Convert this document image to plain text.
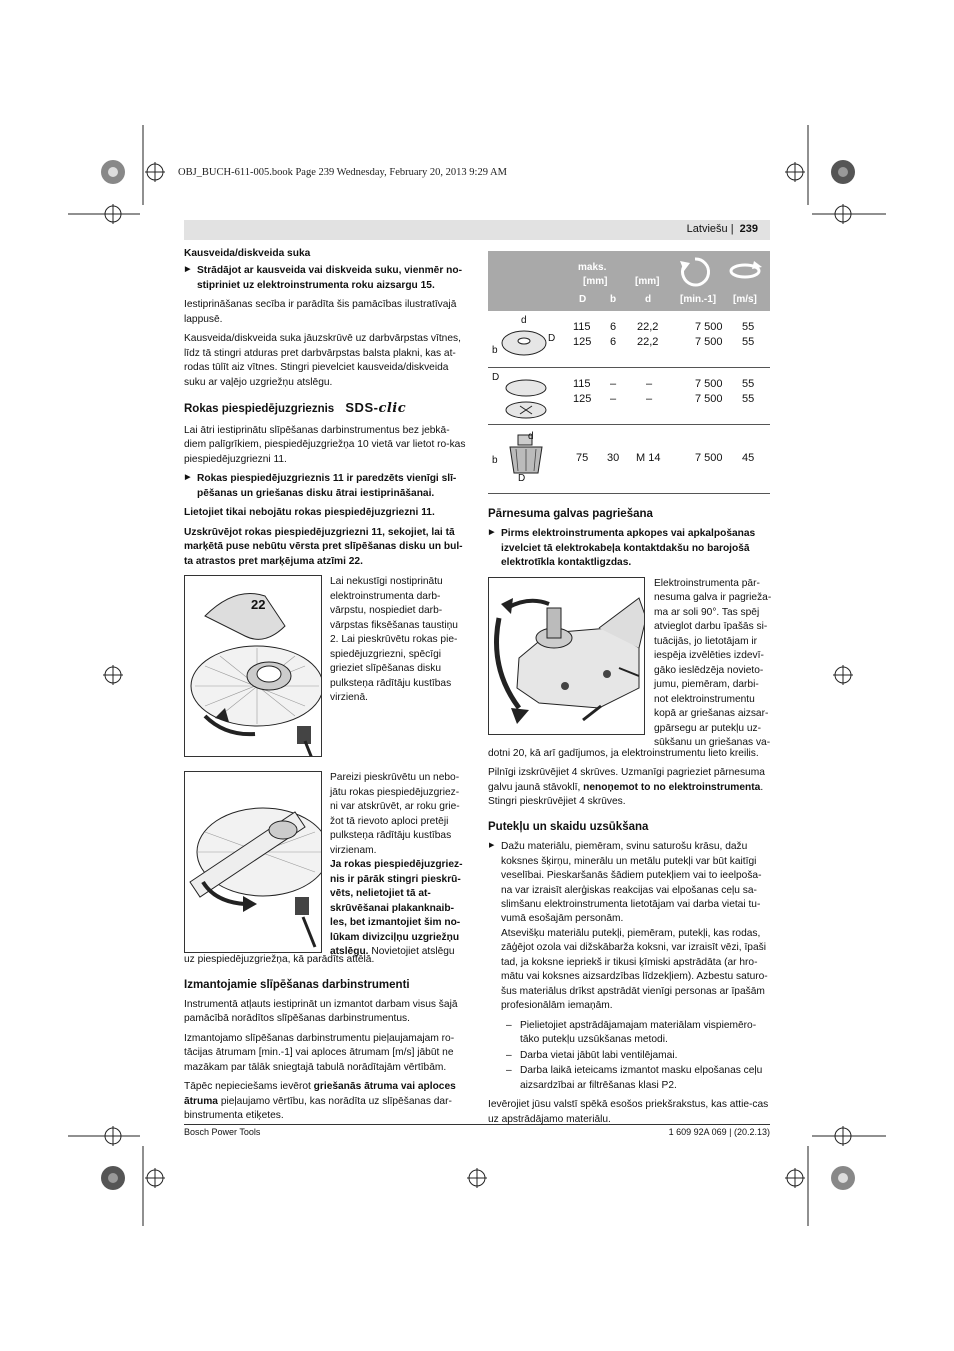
OBJ_BUCH-611-005.book Page 239 Wednesday, February 20, 2013 9:29 AM
Latviešu | 239
Kausveida/diskveida suka
▶ Strādājot ar kausveida vai diskveida suku, vienmēr no-stipriniet uz elektroinstrumenta roku aizsargu 15.

Iestiprināšanas secība ir parādīta šis pamācības ilustratīvajā lappusē.

Kausveida/diskveida suka jāuzskrūvē uz darbvārpstas vītnes, līdz tā stingri atduras pret darbvārpstas balsta plakni, kas at-rodas tūlīt aiz vītnes. Stingri pievelciet kausveida/diskveida suku ar vaļējo uzgriežņu atslēgu.

Rokas piespiedējuzgrieznis SDS-clic

Lai ātri iestiprinātu slīpēšanas darbinstrumentus bez jebkā-diem palīgrīkiem, piespiedējuzgriežņa 10 vietā var lietot ro-kas piespiedējuzgriezni 11.

▶ Rokas piespiedējuzgrieznis 11 ir paredzēts vienīgi slī-pēšanas un griešanas disku ātrai iestiprināšanai.

Lietojiet tikai nebojātu rokas piespiedējuzgriezni 11.

Uzskrūvējot rokas piespiedējuzgriezni 11, sekojiet, lai tā marķētā puse nebūtu vērsta pret slīpēšanas disku un bul-ta atrastos pret marķējuma atzīmi 22.

22
Lai nekustīgi nostiprinātu elektroinstrumenta darb-vārpstu, nospiediet darb-vārpstas fiksēšanas taustiņu 2. Lai pieskrūvētu rokas pie-spiedējuzgriezni, spēcīgi grieziet slīpēšanas disku pulksteņa rādītāju kustības virzienā.
Pareizi pieskrūvētu un nebo-jātu rokas piespiedējuzgriez-ni var atskrūvēt, ar roku grie-žot tā rievoto aploci pretēji pulksteņa rādītāju kustības virzienam.
Ja rokas piespiedējuzgriez-nis ir pārāk stingri pieskrū-vēts, nelietojiet tā at-skrūvēšanai plakanknaib-les, bet izmantojiet šim no-lūkam divizciļņu uzgriežņu atslēgu. Novietojiet atslēgu

uz piespiedējuzgriežņa, kā parādīts attēlā.

Izmantojamie slīpēšanas darbinstrumenti

Instrumentā atļauts iestiprināt un izmantot darbam visus šajā pamācībā norādītos slīpēšanas darbinstrumentus.

Izmantojamo slīpēšanas darbinstrumentu pieļaujamajam ro-tācijas ātrumam [min.-1] vai aploces ātrumam [m/s] jābūt ne mazākam par tālāk sniegtajā tabulā norādītajām vērtībām.

Tāpēc nepieciešams ievērot griešanās ātruma vai aploces ātruma pieļaujamo vērtību, kas norādīta uz slīpēšanas dar-binstrumenta etiķetes.

maks.
[mm]	[mm]
D b	d	[min.-1] [m/s]
d
b
D
115 6 22,2	7 500 55
125 6 22,2	7 500 55
D
115 –	–	7 500 55
125 –	–	7 500 55
d
b
D
75 30 M 14	7 500 45
Pārnesuma galvas pagriešana
▶ Pirms elektroinstrumenta apkopes vai apkalpošanas izvelciet tā elektrokabeļa kontaktdakšu no barojošā elektrotīkla kontaktligzdas.
Elektroinstrumenta pār-nesuma galva ir pagrieža-ma ar soli 90°. Tas spēj atvieglot darbu īpašās si-tuācijās, jo lietotājam ir iespēja izvēlēties izdevī-gāko ieslēdzēja novieto-jumu, piemēram, darbi-not elektroinstrumentu kopā ar griešanas aizsar-gpārsegu ar putekļu uz-sūkšanu un griešanas va-

dotni 20, kā arī gadījumos, ja elektroinstrumentu lieto kreilis.

Pilnīgi izskrūvējiet 4 skrūves. Uzmanīgi pagrieziet pārnesuma galvu jaunā stāvoklī, nenoņemot to no elektroinstrumenta. Stingri pieskrūvējiet 4 skrūves.

Putekļu un skaidu uzsūkšana
▶ Dažu materiālu, piemēram, svinu saturošu krāsu, dažu koksnes šķirņu, minerālu un metālu putekļi var būt kaitīgi veselībai. Pieskaršanās šādiem putekļiem vai to ieelpoša-na var izraisīt alerģiskas reakcijas vai elpošanas ceļu sa-slimšanu elektroinstrumenta lietotājam vai darba vietai tu-vumā esošajām personām.
Atsevišķu materiālu putekļi, piemēram, putekļi, kas rodas, zāģējot ozola vai dižskābarža koksni, var izraisīt vēzi, īpaši tad, ja koksne iepriekš ir tikusi ķīmiski apstrādāta (ar hro-mātu vai koksnes aizsardzības līdzekļiem). Azbestu saturo-šus materiālus drīkst apstrādāt vienīgi personas ar īpašām profesionālām iemaņām.
– Pielietojiet apstrādājamajam materiālam vispiemēro-tāko putekļu uzsūkšanas metodi.
– Darba vietai jābūt labi ventilējamai.
– Darba laikā ieteicams izmantot masku elpošanas ceļu aizsardzībai ar filtrēšanas klasi P2.

Ievērojiet jūsu valstī spēkā esošos priekšrakstus, kas attie-cas uz apstrādājamo materiālu.

Bosch Power Tools	1 609 92A 069 | (20.2.13)
